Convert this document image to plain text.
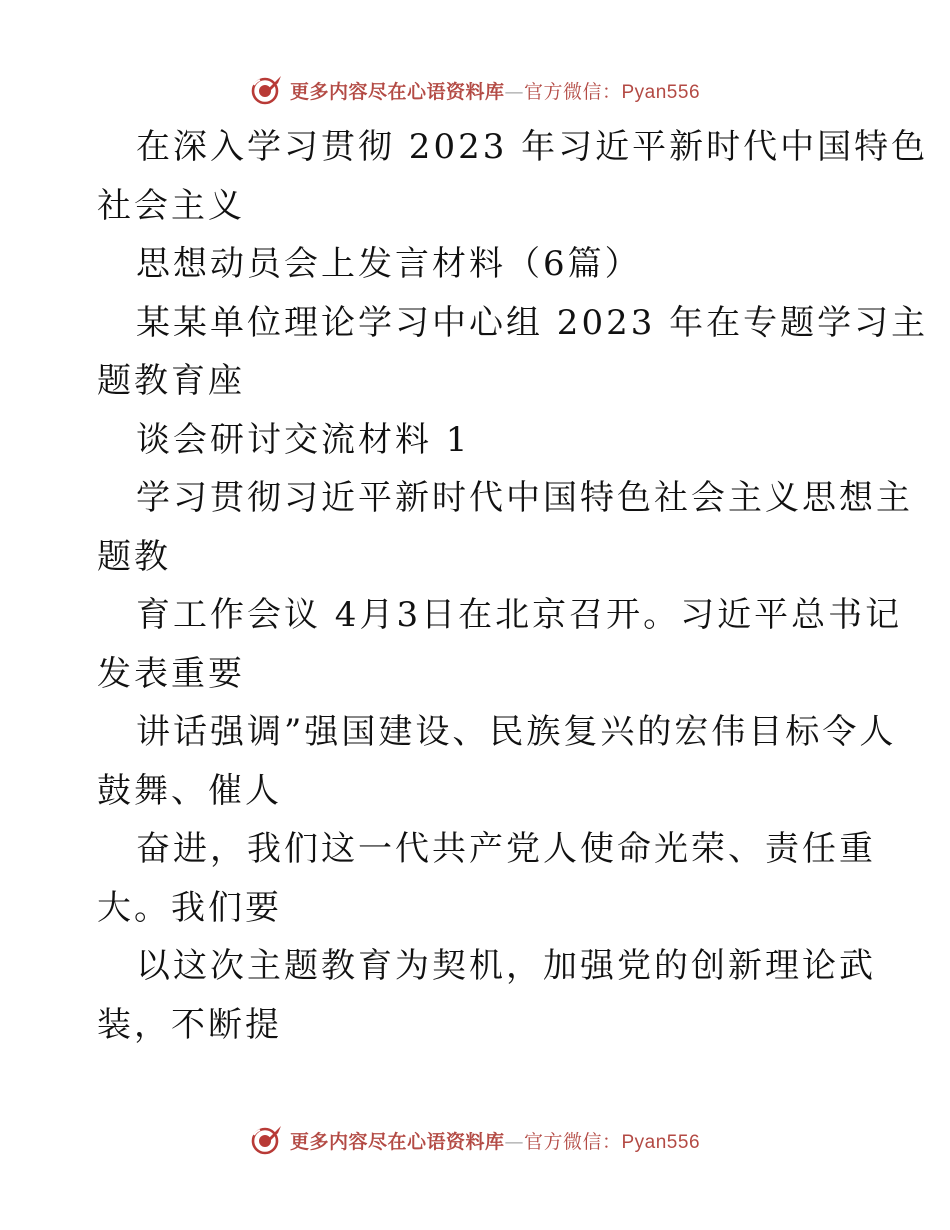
更多内容尽在心语资料库—官方微信：Pyan556

在深入学习贯彻 2023 年习近平新时代中国特色

社会主义

思想动员会上发言材料（6篇）

某某单位理论学习中心组 2023 年在专题学习主

题教育座

谈会研讨交流材料 1

学习贯彻习近平新时代中国特色社会主义思想主

题教

育工作会议 4月3日在北京召开。习近平总书记

发表重要

讲话强调”强国建设、民族复兴的宏伟目标令人

鼓舞、催人

奋进，我们这一代共产党人使命光荣、责任重

大。我们要

以这次主题教育为契机，加强党的创新理论武

装，不断提

更多内容尽在心语资料库—官方微信：Pyan556
